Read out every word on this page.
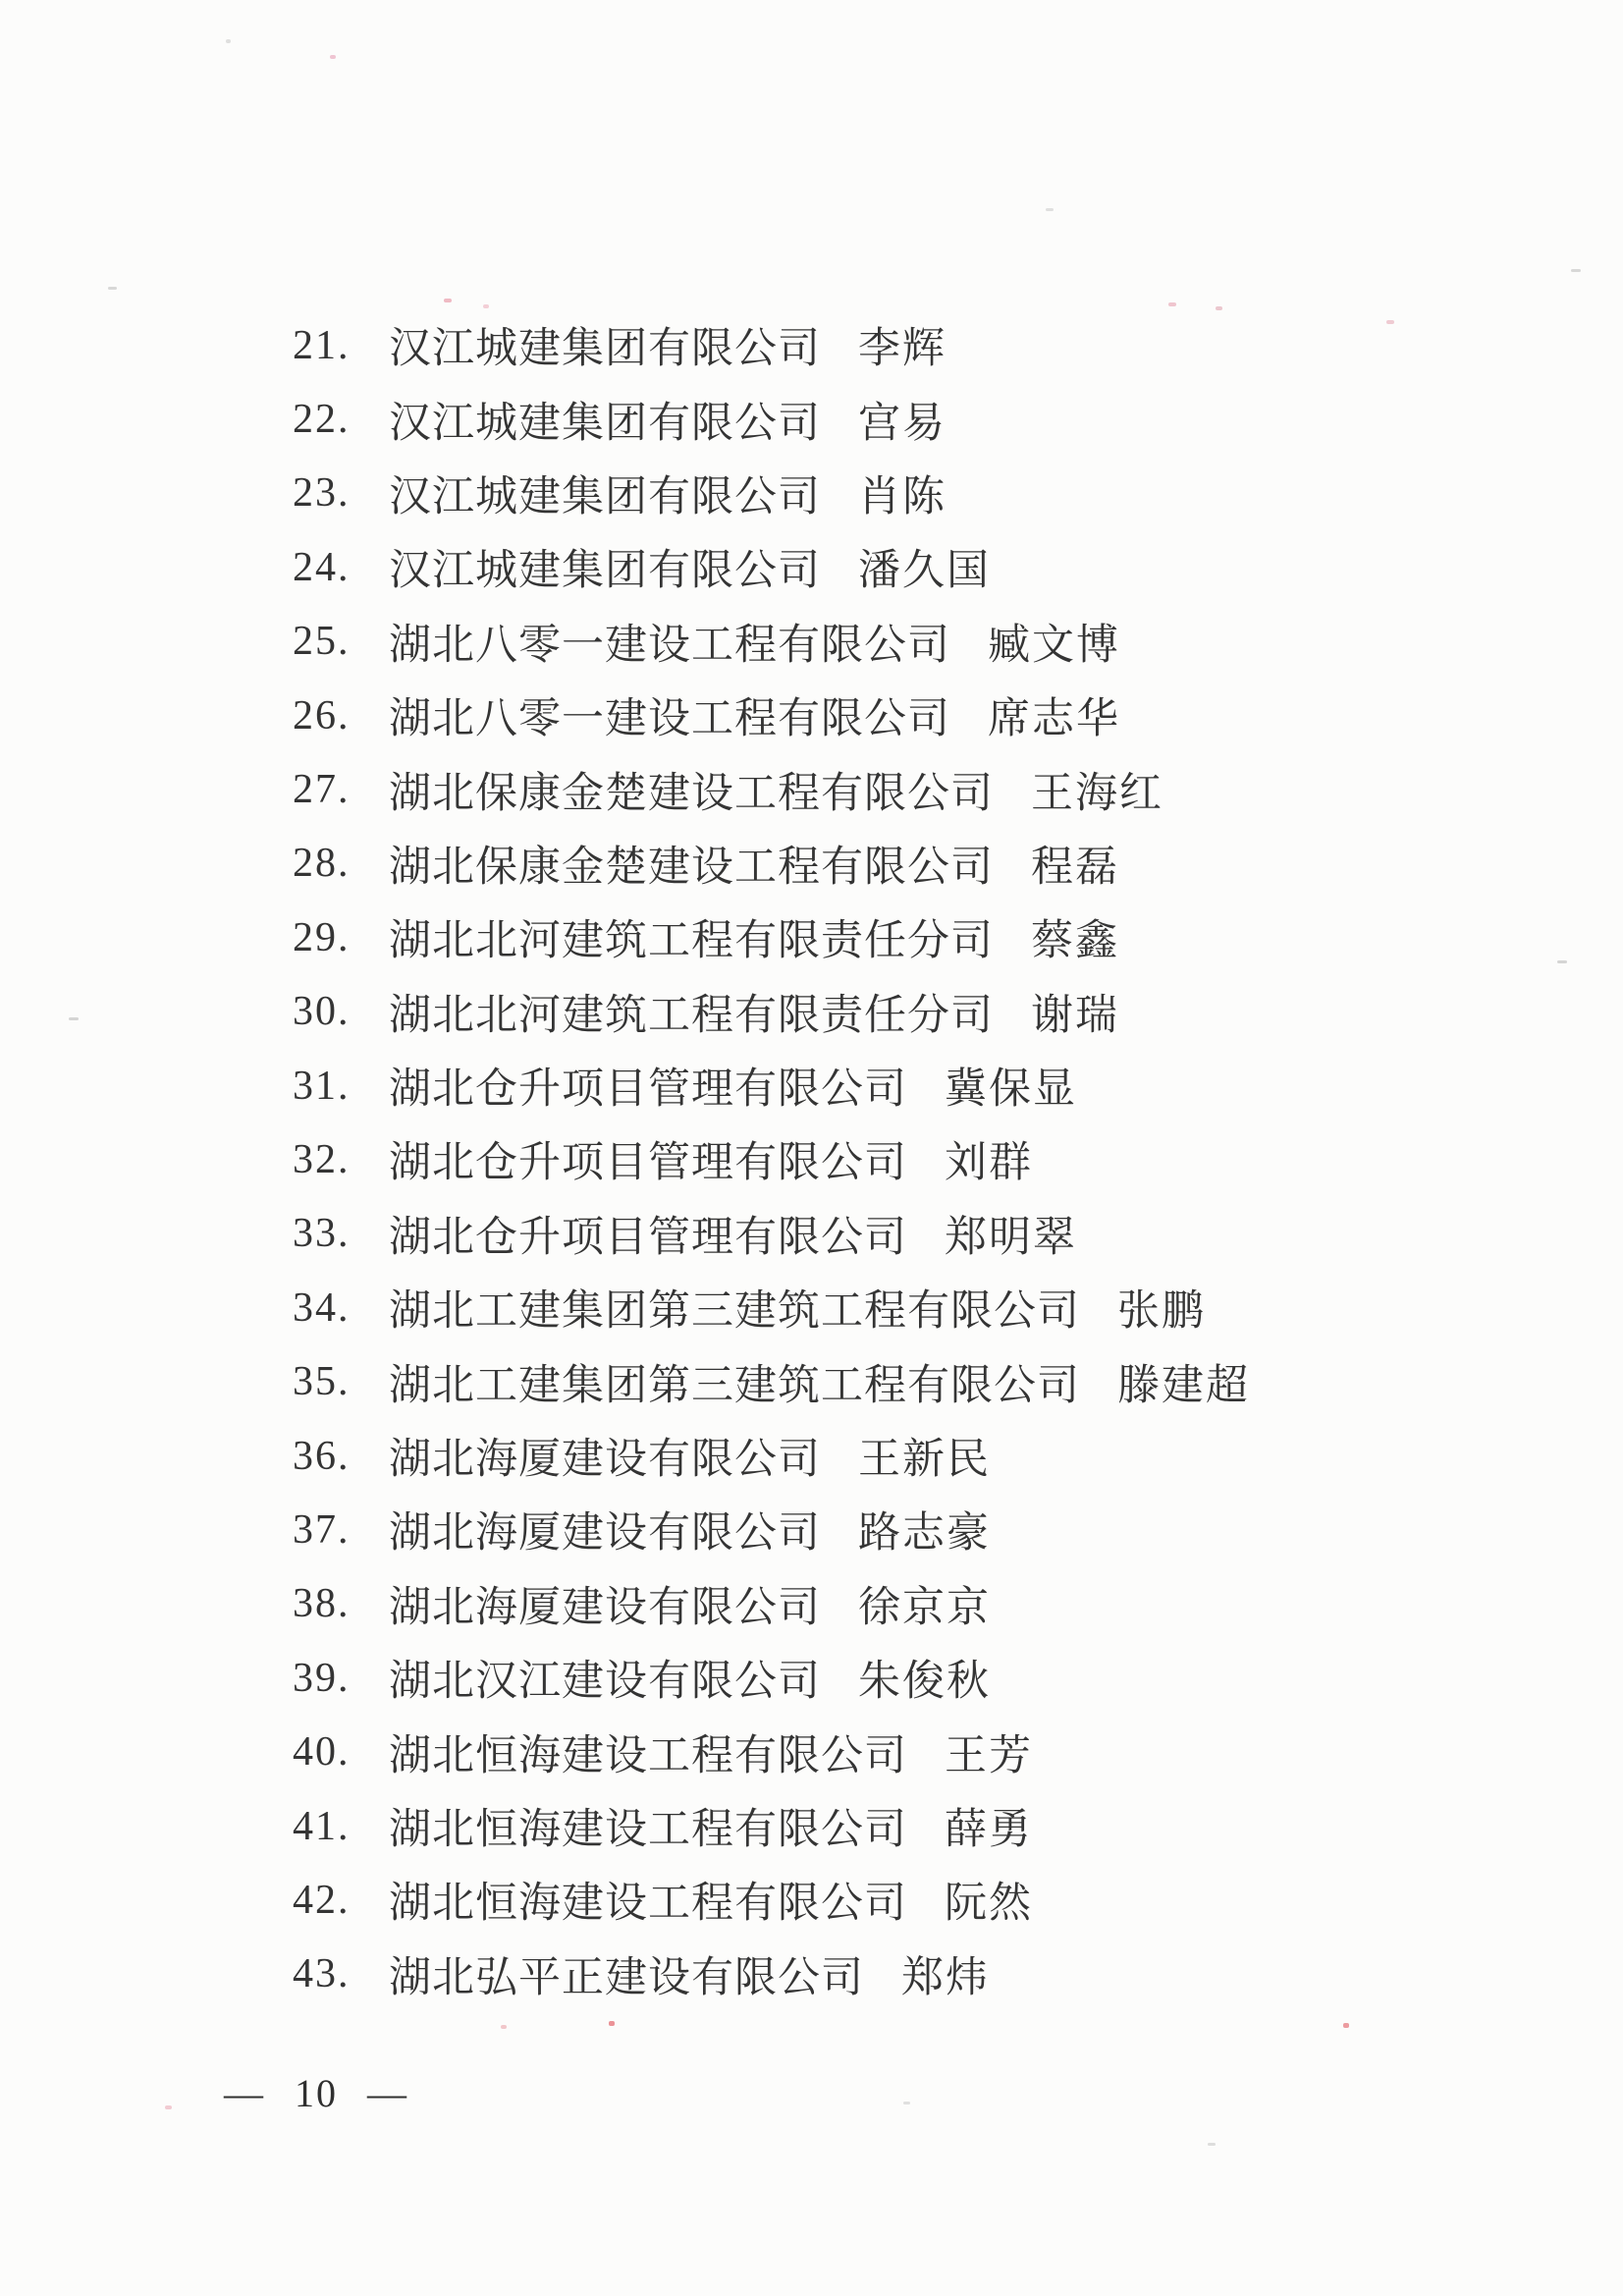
21. 汉江城建集团有限公司 李辉
22. 汉江城建集团有限公司 宫易
23. 汉江城建集团有限公司 肖陈
24. 汉江城建集团有限公司 潘久国
25. 湖北八零一建设工程有限公司 臧文博
26. 湖北八零一建设工程有限公司 席志华
27. 湖北保康金楚建设工程有限公司 王海红
28. 湖北保康金楚建设工程有限公司 程磊
29. 湖北北河建筑工程有限责任分司 蔡鑫
30. 湖北北河建筑工程有限责任分司 谢瑞
31. 湖北仓升项目管理有限公司 冀保显
32. 湖北仓升项目管理有限公司 刘群
33. 湖北仓升项目管理有限公司 郑明翠
34. 湖北工建集团第三建筑工程有限公司 张鹏
35. 湖北工建集团第三建筑工程有限公司 滕建超
36. 湖北海厦建设有限公司 王新民
37. 湖北海厦建设有限公司 路志豪
38. 湖北海厦建设有限公司 徐京京
39. 湖北汉江建设有限公司 朱俊秋
40. 湖北恒海建设工程有限公司 王芳
41. 湖北恒海建设工程有限公司 薛勇
42. 湖北恒海建设工程有限公司 阮然
43. 湖北弘平正建设有限公司 郑炜
— 10 —
